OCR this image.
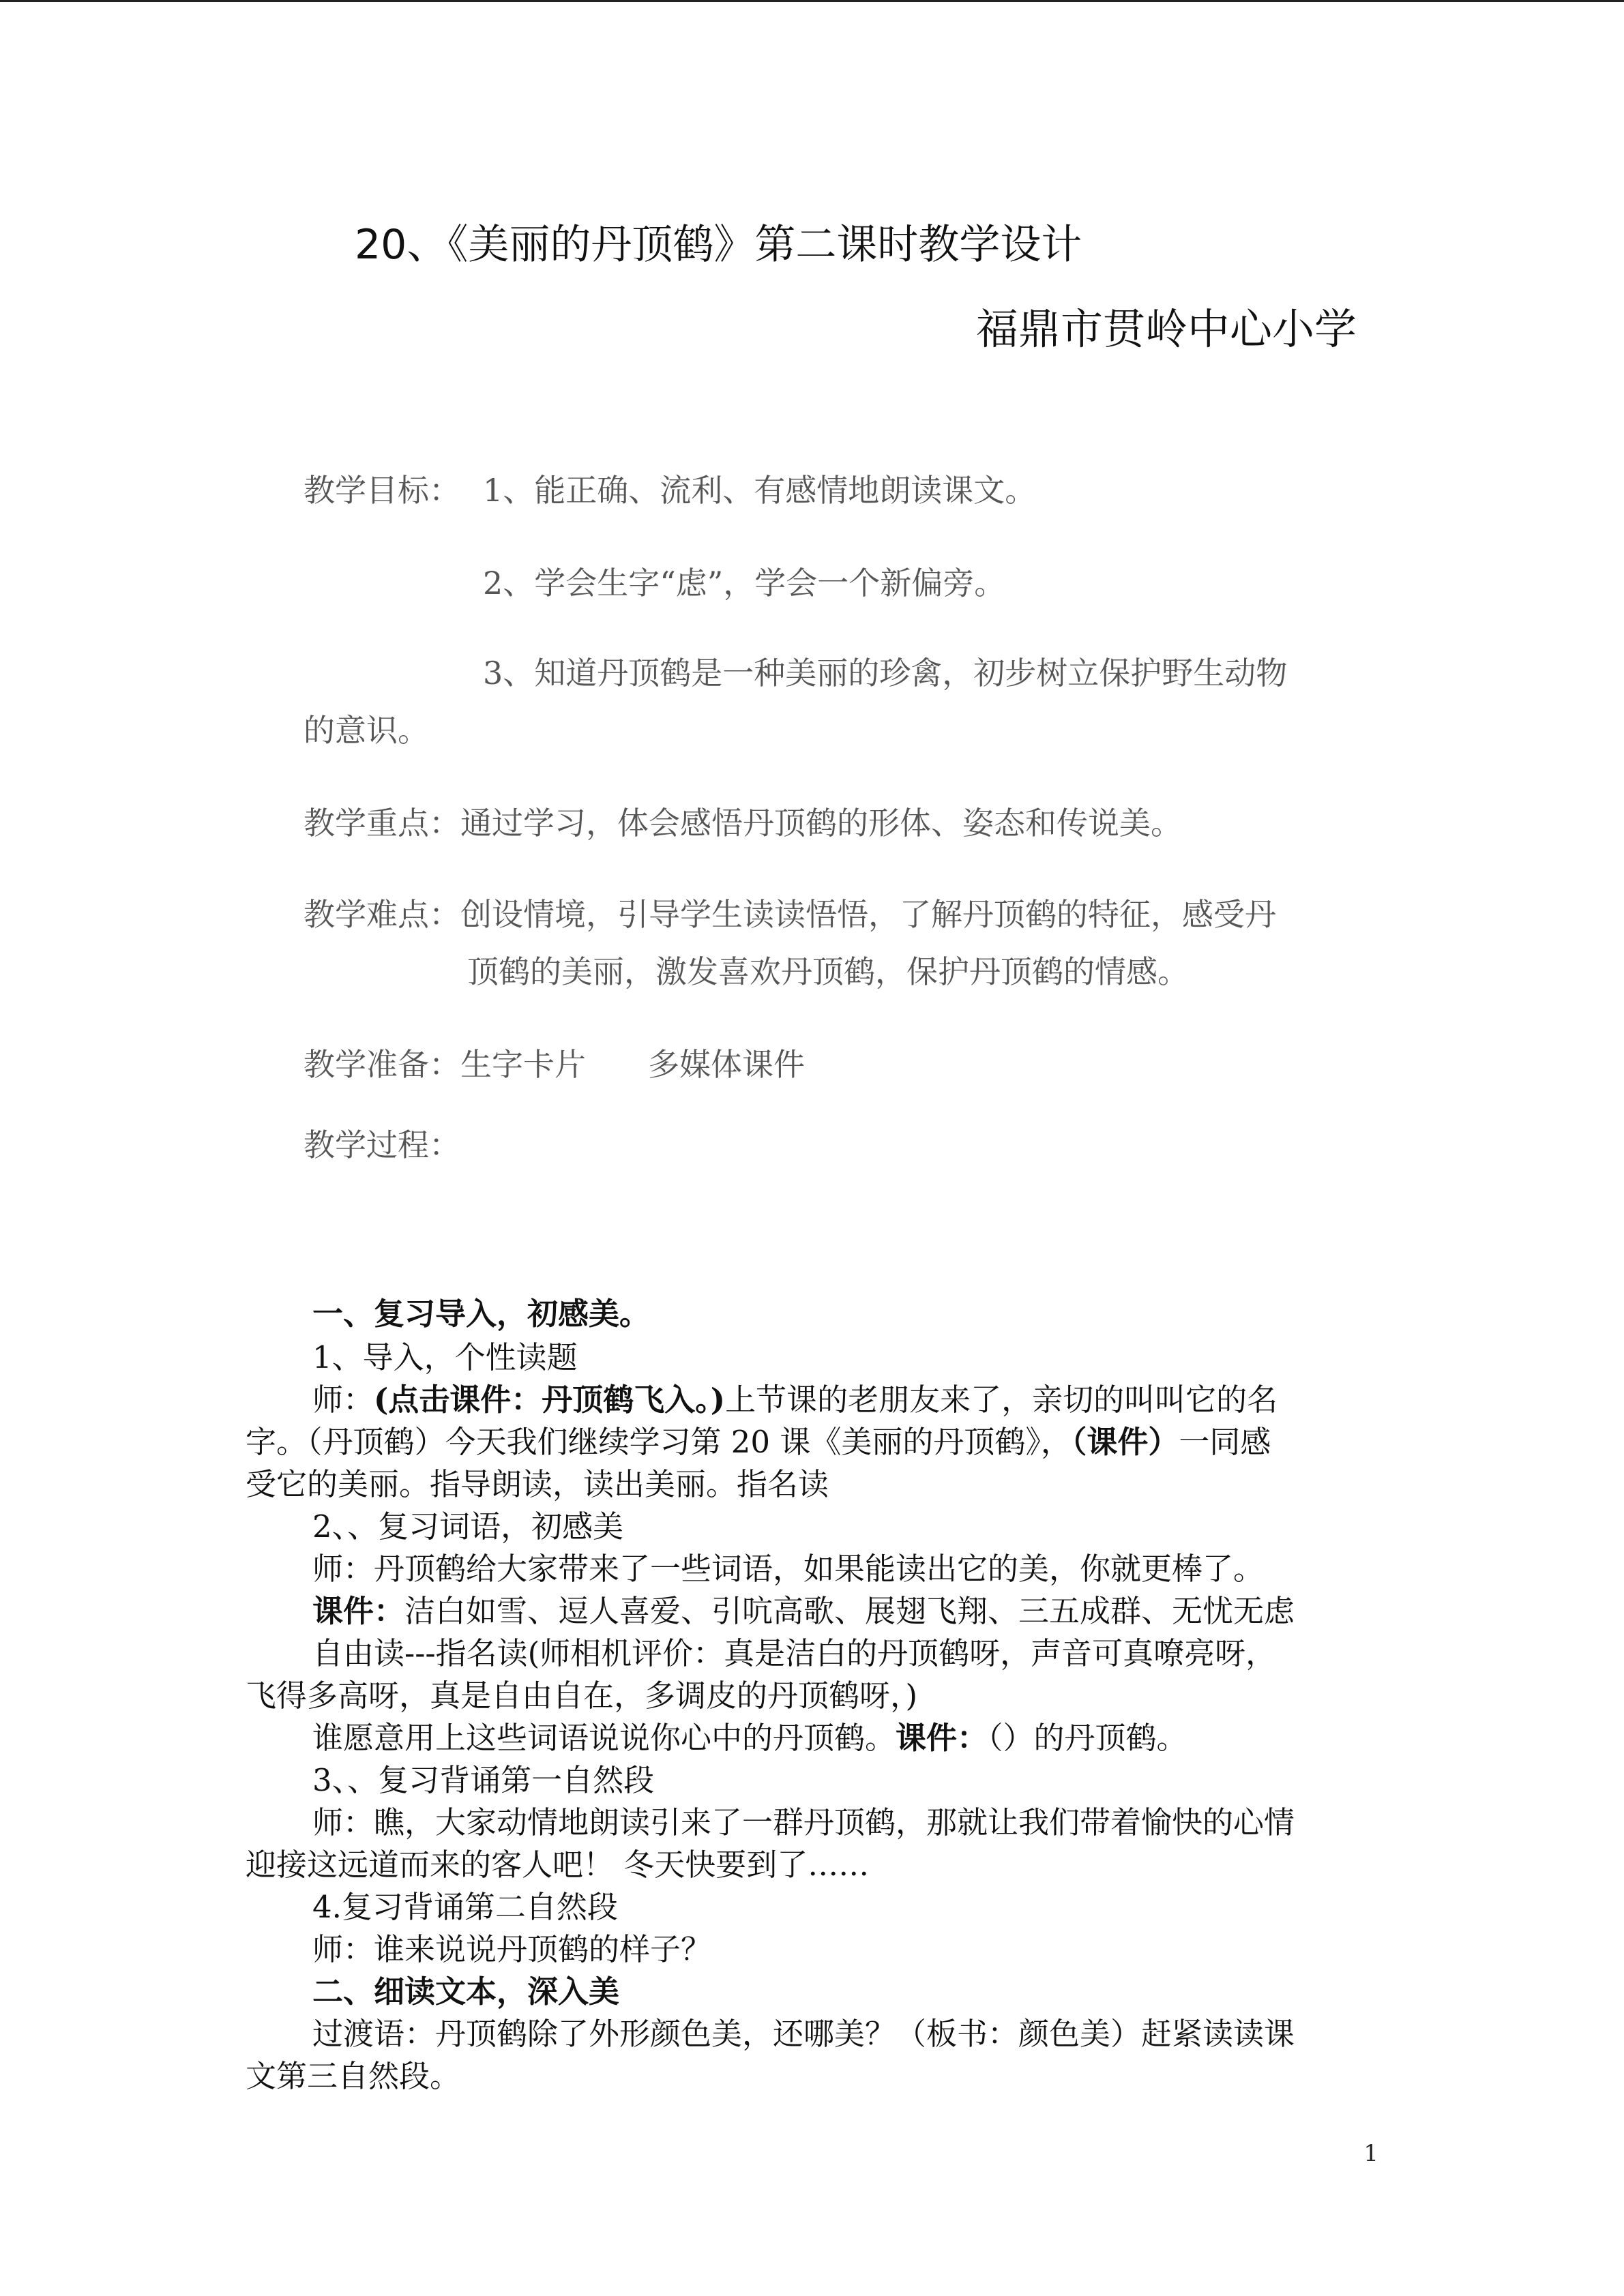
20、《美丽的丹顶鹤》第二课时教学设计
福鼎市贯岭中心小学
教学目标： 1、能正确、流利、有感情地朗读课文。
2、学会生字“虑”，学会一个新偏旁。
3、知道丹顶鹤是一种美丽的珍禽，初步树立保护野生动物
的意识。
教学重点：通过学习，体会感悟丹顶鹤的形体、姿态和传说美。
教学难点：创设情境，引导学生读读悟悟，了解丹顶鹤的特征，感受丹
顶鹤的美丽，激发喜欢丹顶鹤，保护丹顶鹤的情感。
教学准备：生字卡片 多媒体课件
教学过程：
一、复习导入，初感美。
1、导入，个性读题
师：(点击课件：丹顶鹤飞入。)上节课的老朋友来了，亲切的叫叫它的名
字。（丹顶鹤）今天我们继续学习第 20 课《美丽的丹顶鹤》，（课件）一同感
受它的美丽。指导朗读，读出美丽。指名读
2、、复习词语，初感美
师：丹顶鹤给大家带来了一些词语，如果能读出它的美，你就更棒了。
课件：洁白如雪、逗人喜爱、引吭高歌、展翅飞翔、三五成群、无忧无虑
自由读---指名读(师相机评价：真是洁白的丹顶鹤呀，声音可真嘹亮呀，
飞得多高呀，真是自由自在，多调皮的丹顶鹤呀，)
谁愿意用上这些词语说说你心中的丹顶鹤。课件：（）的丹顶鹤。
3、、复习背诵第一自然段
师：瞧，大家动情地朗读引来了一群丹顶鹤，那就让我们带着愉快的心情
迎接这远道而来的客人吧！ 冬天快要到了……
4.复习背诵第二自然段
师：谁来说说丹顶鹤的样子？
二、细读文本，深入美
过渡语：丹顶鹤除了外形颜色美，还哪美？（板书：颜色美）赶紧读读课
文第三自然段。
1
